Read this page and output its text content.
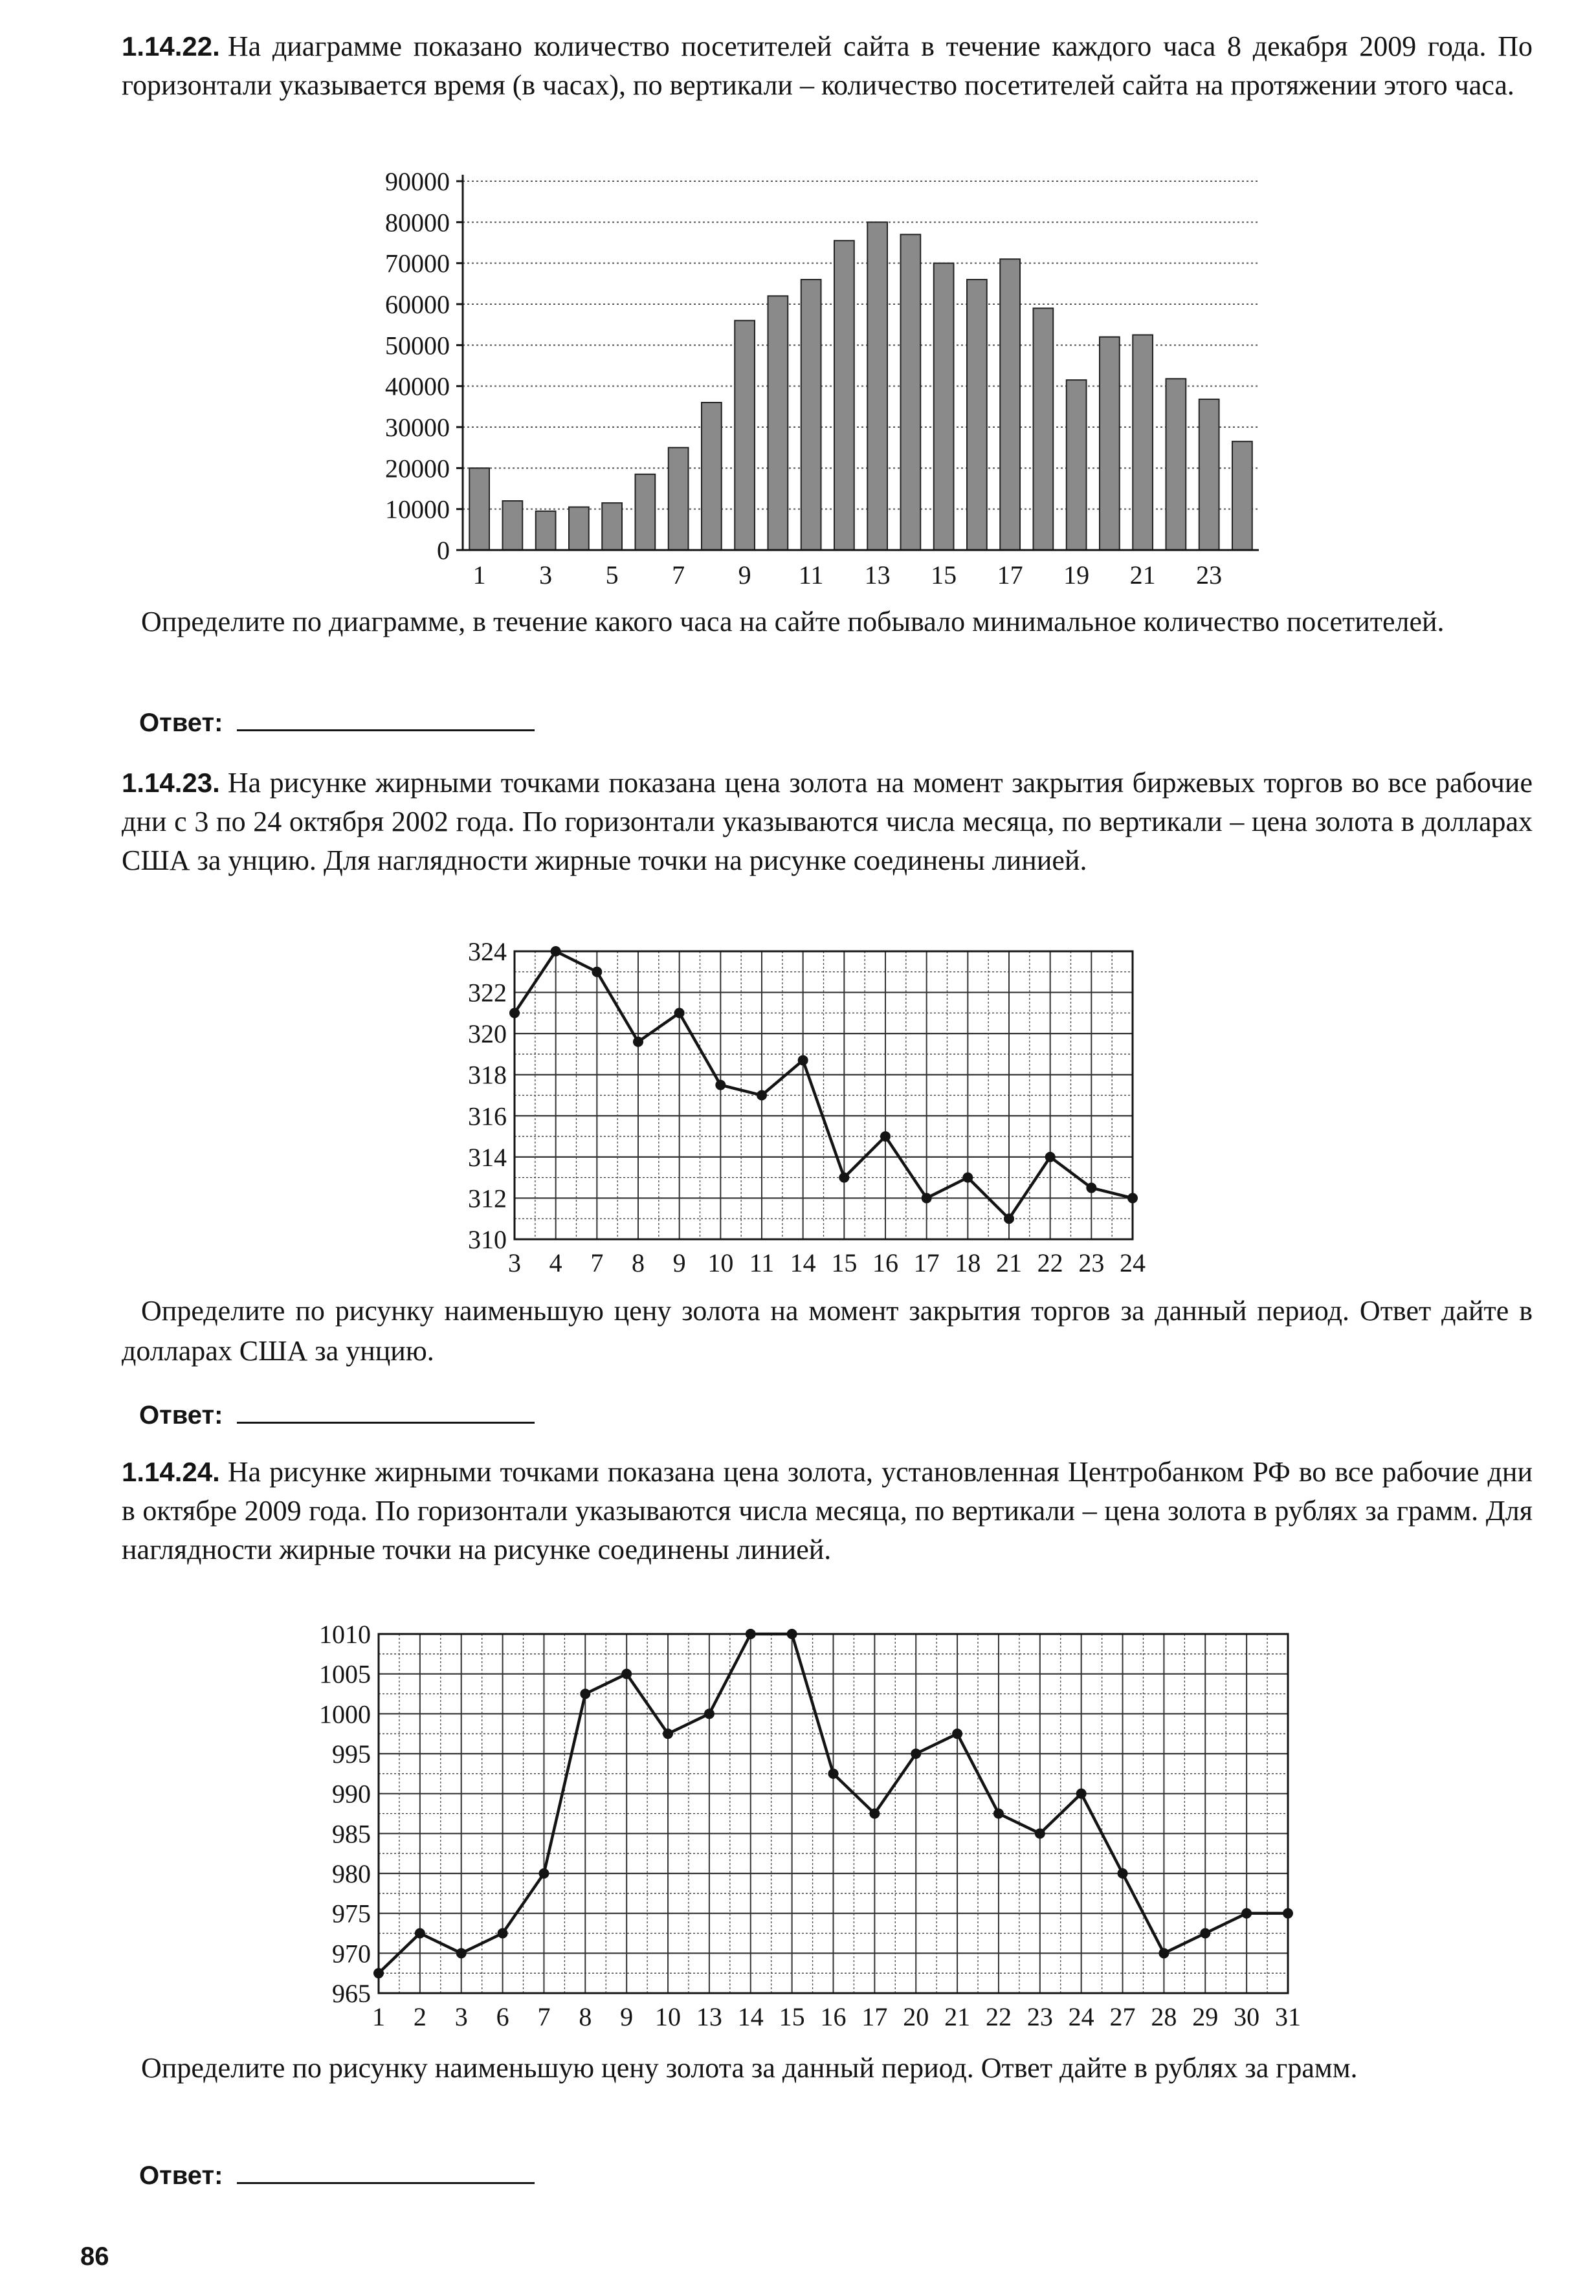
1.14.22. На диаграмме показано количество посетителей сайта в течение каждого часа 8 декабря 2009 года. По горизонтали указывается время (в часах), по вертикали – количество посетителей сайта на протяжении этого часа.
0
10000
20000
30000
40000
50000
60000
70000
80000
90000
1 3 5 7 9 11 13 15 17 19 21 23
Определите по диаграмме, в течение какого часа на сайте побывало минимальное количество посетителей.
Ответ:
1.14.23. На рисунке жирными точками показана цена золота на момент закрытия биржевых торгов во все рабочие дни с 3 по 24 октября 2002 года. По горизонтали указываются числа месяца, по вертикали – цена золота в долларах США за унцию. Для наглядности жирные точки на рисунке соединены линией.
310
312
314
316
318
320
322
324
3 4 7 8 9 10 11 14 15 16 17 18 21 22 23 24
Определите по рисунку наименьшую цену золота на момент закрытия торгов за данный период. Ответ дайте в долларах США за унцию.
Ответ:
1.14.24. На рисунке жирными точками показана цена золота, установленная Центробанком РФ во все рабочие дни в октябре 2009 года. По горизонтали указываются числа месяца, по вертикали – цена золота в рублях за грамм. Для наглядности жирные точки на рисунке соединены линией.
965
970
975
980
985
990
995
1000
1005
1010
1 2 3 6 7 8 9 10 13 14 15 16 17 20 21 22 23 24 27 28 29 30 31
Определите по рисунку наименьшую цену золота за данный период. Ответ дайте в рублях за грамм.
Ответ:
86
